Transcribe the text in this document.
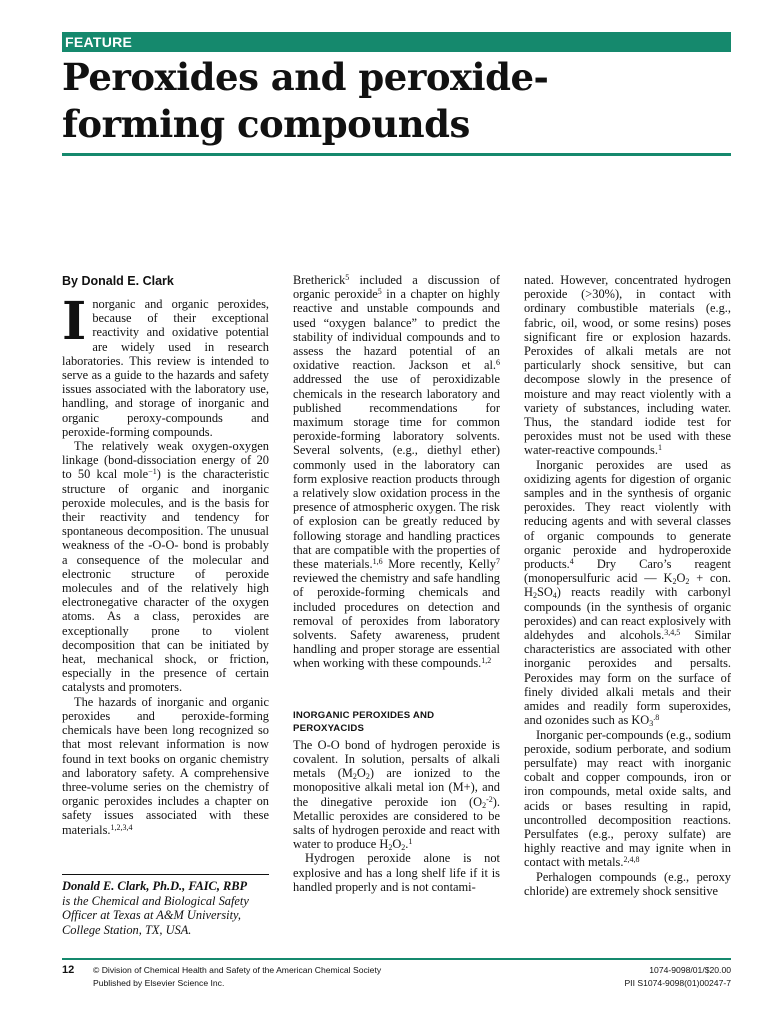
FEATURE
Peroxides and peroxide-
forming compounds

By Donald E. Clark

Inorganic and organic peroxides, because of their exceptional reactivity and oxidative potential are widely used in research laboratories. This review is intended to serve as a guide to the hazards and safety issues associated with the laboratory use, handling, and storage of inorganic and organic peroxy-compounds and peroxide-forming compounds.

The relatively weak oxygen-oxygen linkage (bond-dissociation energy of 20 to 50 kcal mole$^{-1}$) is the characteristic structure of organic and inorganic peroxide molecules, and is the basis for their reactivity and tendency for spontaneous decomposition. The unusual weakness of the -O-O- bond is probably a consequence of the molecular and electronic structure of peroxide molecules and of the relatively high electronegative character of the oxygen atoms. As a class, peroxides are exceptionally prone to violent decomposition that can be initiated by heat, mechanical shock, or friction, especially in the presence of certain catalysts and promoters.

The hazards of inorganic and organic peroxides and peroxide-forming chemicals have been long recognized so that most relevant information is now found in text books on organic chemistry and laboratory safety. A comprehensive three-volume series on the chemistry of organic peroxides includes a chapter on safety issues associated with these materials.$^{1,2,3,4}$

Donald E. Clark, Ph.D., FAIC, RBP
is the Chemical and Biological Safety Officer at Texas at A&M University, College Station, TX, USA.

Bretherick$^5$ included a discussion of organic peroxide$^5$ in a chapter on highly reactive and unstable compounds and used “oxygen balance” to predict the stability of individual compounds and to assess the hazard potential of an oxidative reaction. Jackson et al.$^6$ addressed the use of peroxidizable chemicals in the research laboratory and published recommendations for maximum storage time for common peroxide-forming laboratory solvents. Several solvents, (e.g., diethyl ether) commonly used in the laboratory can form explosive reaction products through a relatively slow oxidation process in the presence of atmospheric oxygen. The risk of explosion can be greatly reduced by following storage and handling practices that are compatible with the properties of these materials.$^{1,6}$ More recently, Kelly$^7$ reviewed the chemistry and safe handling of peroxide-forming chemicals and included procedures on detection and removal of peroxides from laboratory solvents. Safety awareness, prudent handling and proper storage are essential when working with these compounds.$^{1,2}$

INORGANIC PEROXIDES AND PEROXYACIDS

The O-O bond of hydrogen peroxide is covalent. In solution, persalts of alkali metals $(M_2O_2)$ are ionized to the monopositive alkali metal ion (M+), and the dinegative peroxide ion $(O_2^{-2})$. Metallic peroxides are considered to be salts of hydrogen peroxide and react with water to produce $H_2O_2.^1$

Hydrogen peroxide alone is not explosive and has a long shelf life if it is handled properly and is not contami-

nated. However, concentrated hydrogen peroxide (>30%), in contact with ordinary combustible materials (e.g., fabric, oil, wood, or some resins) poses significant fire or explosion hazards. Peroxides of alkali metals are not particularly shock sensitive, but can decompose slowly in the presence of moisture and may react violently with a variety of substances, including water. Thus, the standard iodide test for peroxides must not be used with these water-reactive compounds.$^1$

Inorganic peroxides are used as oxidizing agents for digestion of organic samples and in the synthesis of organic peroxides. They react violently with reducing agents and with several classes of organic compounds to generate organic peroxide and hydroperoxide products.$^4$ Dry Caro’s reagent (monopersulfuric acid — $K_2O_2$ + con. $H_2SO_4$) reacts readily with carbonyl compounds (in the synthesis of organic peroxides) and can react explosively with aldehydes and alcohols.$^{3,4,5}$ Similar characteristics are associated with other inorganic peroxides and persalts. Peroxides may form on the surface of finely divided alkali metals and their amides and readily form superoxides, and ozonides such as $KO_3^{.8}$

Inorganic per-compounds (e.g., sodium peroxide, sodium perborate, and sodium persulfate) may react with inorganic cobalt and copper compounds, iron or iron compounds, metal oxide salts, and acids or bases resulting in rapid, uncontrolled decomposition reactions. Persulfates (e.g., peroxy sulfate) are highly reactive and may ignite when in contact with metals.$^{2,4,8}$

Perhalogen compounds (e.g., peroxy chloride) are extremely shock sensitive

12 © Division of Chemical Health and Safety of the American Chemical Society
Published by Elsevier Science Inc.
1074-9098/01/$20.00
PII S1074-9098(01)00247-7
